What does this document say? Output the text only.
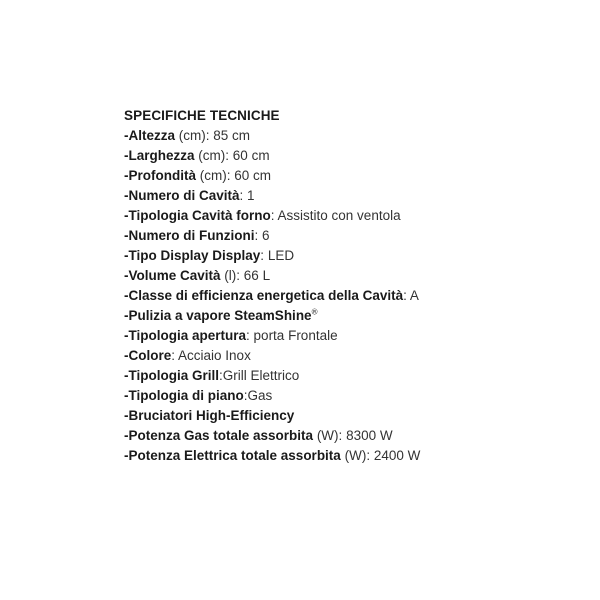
SPECIFICHE TECNICHE
-Altezza (cm): 85 cm
-Larghezza (cm): 60 cm
-Profondità (cm): 60 cm
-Numero di Cavità: 1
-Tipologia Cavità forno: Assistito con ventola
-Numero di Funzioni: 6
-Tipo Display Display: LED
-Volume Cavità (l): 66 L
-Classe di efficienza energetica della Cavità: A
-Pulizia a vapore SteamShine®
-Tipologia apertura: porta Frontale
-Colore: Acciaio Inox
-Tipologia Grill:Grill Elettrico
-Tipologia di piano:Gas
-Bruciatori High-Efficiency
-Potenza Gas totale assorbita (W): 8300 W
-Potenza Elettrica totale assorbita (W): 2400 W
